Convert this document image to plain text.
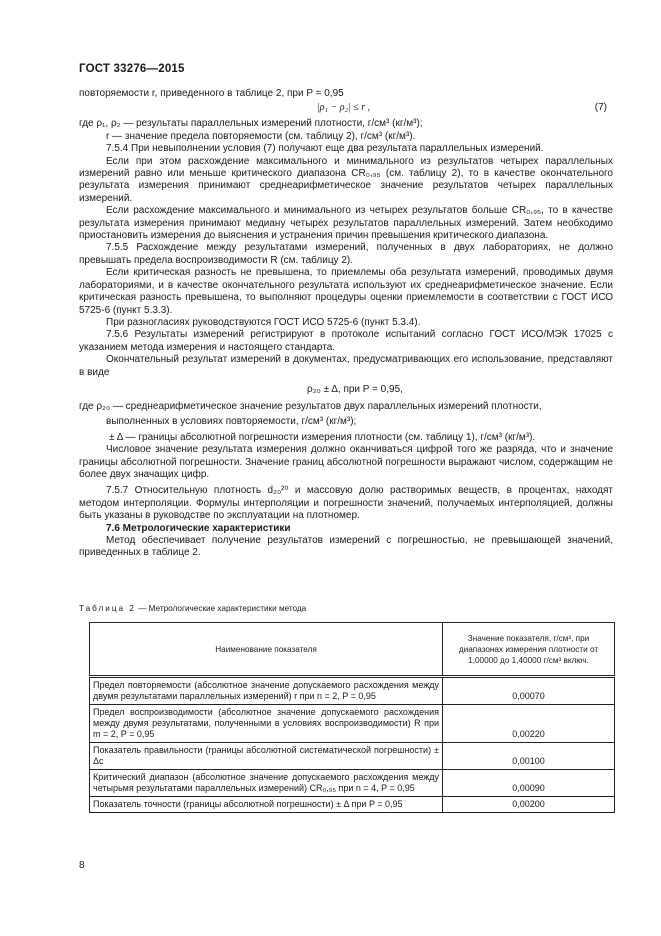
ГОСТ 33276—2015

повторяемости r, приведенного в таблице 2, при P = 0,95

|ρ₁ − ρ₂| ≤ r ,	(7)

где ρ₁, ρ₂ — результаты параллельных измерений плотности, г/см³ (кг/м³);

r — значение предела повторяемости (см. таблицу 2), г/см³ (кг/м³).

7.5.4 При невыполнении условия (7) получают еще два результата параллельных измерений.

Если при этом расхождение максимального и минимального из результатов четырех параллельных измерений равно или меньше критического диапазона CR₀,₉₅ (см. таблицу 2), то в качестве окончательного результата измерения принимают среднеарифметическое значение результатов четырех параллельных измерений.

Если расхождение максимального и минимального из четырех результатов больше CR₀,₉₅, то в качестве результата измерения принимают медиану четырех результатов параллельных измерений. Затем необходимо приостановить измерения до выяснения и устранения причин превышения критического диапазона.

7.5.5 Расхождение между результатами измерений, полученных в двух лабораториях, не должно превышать предела воспроизводимости R (см. таблицу 2).

Если критическая разность не превышена, то приемлемы оба результата измерений, проводимых двумя лабораториями, и в качестве окончательного результата используют их среднеарифметическое значение. Если критическая разность превышена, то выполняют процедуры оценки приемлемости в соответствии с ГОСТ ИСО 5725-6 (пункт 5.3.3).

При разногласиях руководствуются ГОСТ ИСО 5725-6 (пункт 5.3.4).

7.5.6 Результаты измерений регистрируют в протоколе испытаний согласно ГОСТ ИСО/МЭК 17025 с указанием метода измерения и настоящего стандарта.

Окончательный результат измерений в документах, предусматривающих его использование, представляют в виде

ρ₂₀ ± Δ, при P = 0,95,

где ρ₂₀ — среднеарифметическое значение результатов двух параллельных измерений плотности,

выполненных в условиях повторяемости, г/см³ (кг/м³);

± Δ — границы абсолютной погрешности измерения плотности (см. таблицу 1), г/см³ (кг/м³).

Числовое значение результата измерения должно оканчиваться цифрой того же разряда, что и значение границы абсолютной погрешности. Значение границ абсолютной погрешности выражают числом, содержащим не более двух значащих цифр.

7.5.7 Относительную плотность d₂₀²⁰ и массовую долю растворимых веществ, в процентах, находят методом интерполяции. Формулы интерполяции и погрешности значений, получаемых интерполяцией, должны быть указаны в руководстве по эксплуатации на плотномер.

7.6 Метрологические характеристики

Метод обеспечивает получение результатов измерений с погрешностью, не превышающей значений, приведенных в таблице 2.

Таблица 2 — Метрологические характеристики метода
Наименование показателя	Значение показателя, г/см³, при диапазонах измерения плотности от 1,00000 до 1,40000 г/см³ включ.
Предел повторяемости (абсолютное значение допускаемого расхождения между двумя результатами параллельных измерений) r при n = 2, P = 0,95	0,00070
Предел воспроизводимости (абсолютное значение допускаемого расхождения между двумя результатами, полученными в условиях воспроизводимости) R при m = 2, P = 0,95	0,00220
Показатель правильности (границы абсолютной систематической погрешности) ± Δc	0,00100
Критический диапазон (абсолютное значение допускаемого расхождения между четырьмя результатами параллельных измерений) CR₀,₉₅ при n = 4, P = 0,95	0,00090
Показатель точности (границы абсолютной погрешности) ± Δ при P = 0,95	0,00200
8
